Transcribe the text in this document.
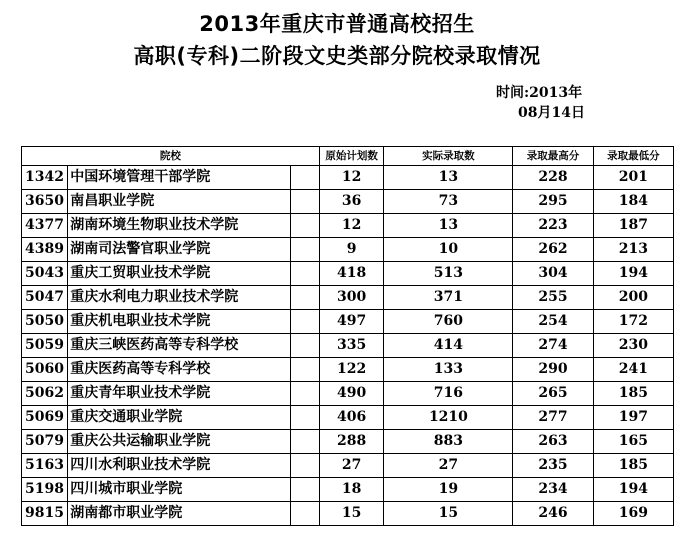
2013年重庆市普通高校招生
高职(专科)二阶段文史类部分院校录取情况
时间:2013年
08月14日
院校			原始计划数	实际录取数	录取最高分	录取最低分
1342	中国环境管理干部学院		12	13	228	201
3650	南昌职业学院		36	73	295	184
4377	湖南环境生物职业技术学院		12	13	223	187
4389	湖南司法警官职业学院		9	10	262	213
5043	重庆工贸职业技术学院		418	513	304	194
5047	重庆水利电力职业技术学院		300	371	255	200
5050	重庆机电职业技术学院		497	760	254	172
5059	重庆三峡医药高等专科学校		335	414	274	230
5060	重庆医药高等专科学校		122	133	290	241
5062	重庆青年职业技术学院		490	716	265	185
5069	重庆交通职业学院		406	1210	277	197
5079	重庆公共运输职业学院		288	883	263	165
5163	四川水利职业技术学院		27	27	235	185
5198	四川城市职业学院		18	19	234	194
9815	湖南都市职业学院		15	15	246	169
